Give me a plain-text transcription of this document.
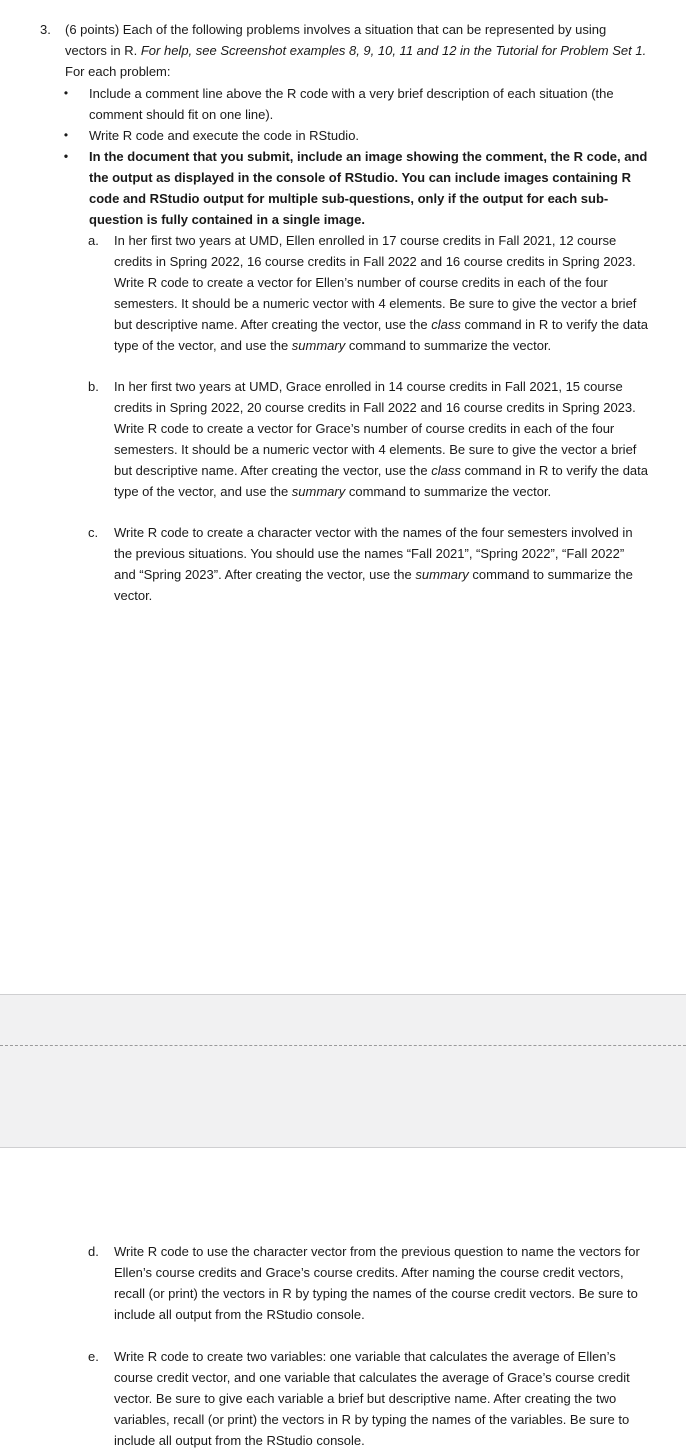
3. (6 points) Each of the following problems involves a situation that can be represented by using vectors in R. For help, see Screenshot examples 8, 9, 10, 11 and 12 in the Tutorial for Problem Set 1. For each problem:
•	Include a comment line above the R code with a very brief description of each situation (the comment should fit on one line).
•	Write R code and execute the code in RStudio.
•	In the document that you submit, include an image showing the comment, the R code, and the output as displayed in the console of RStudio. You can include images containing R code and RStudio output for multiple sub-questions, only if the output for each sub-question is fully contained in a single image.
a. In her first two years at UMD, Ellen enrolled in 17 course credits in Fall 2021, 12 course credits in Spring 2022, 16 course credits in Fall 2022 and 16 course credits in Spring 2023. Write R code to create a vector for Ellen’s number of course credits in each of the four semesters. It should be a numeric vector with 4 elements. Be sure to give the vector a brief but descriptive name. After creating the vector, use the class command in R to verify the data type of the vector, and use the summary command to summarize the vector.
b. In her first two years at UMD, Grace enrolled in 14 course credits in Fall 2021, 15 course credits in Spring 2022, 20 course credits in Fall 2022 and 16 course credits in Spring 2023. Write R code to create a vector for Grace’s number of course credits in each of the four semesters. It should be a numeric vector with 4 elements. Be sure to give the vector a brief but descriptive name. After creating the vector, use the class command in R to verify the data type of the vector, and use the summary command to summarize the vector.
c. Write R code to create a character vector with the names of the four semesters involved in the previous situations. You should use the names “Fall 2021”, “Spring 2022”, “Fall 2022” and “Spring 2023”. After creating the vector, use the summary command to summarize the vector.
d. Write R code to use the character vector from the previous question to name the vectors for Ellen’s course credits and Grace’s course credits. After naming the course credit vectors, recall (or print) the vectors in R by typing the names of the course credit vectors. Be sure to include all output from the RStudio console.
e. Write R code to create two variables: one variable that calculates the average of Ellen’s course credit vector, and one variable that calculates the average of Grace’s course credit vector. Be sure to give each variable a brief but descriptive name. After creating the two variables, recall (or print) the vectors in R by typing the names of the variables. Be sure to include all output from the RStudio console.
